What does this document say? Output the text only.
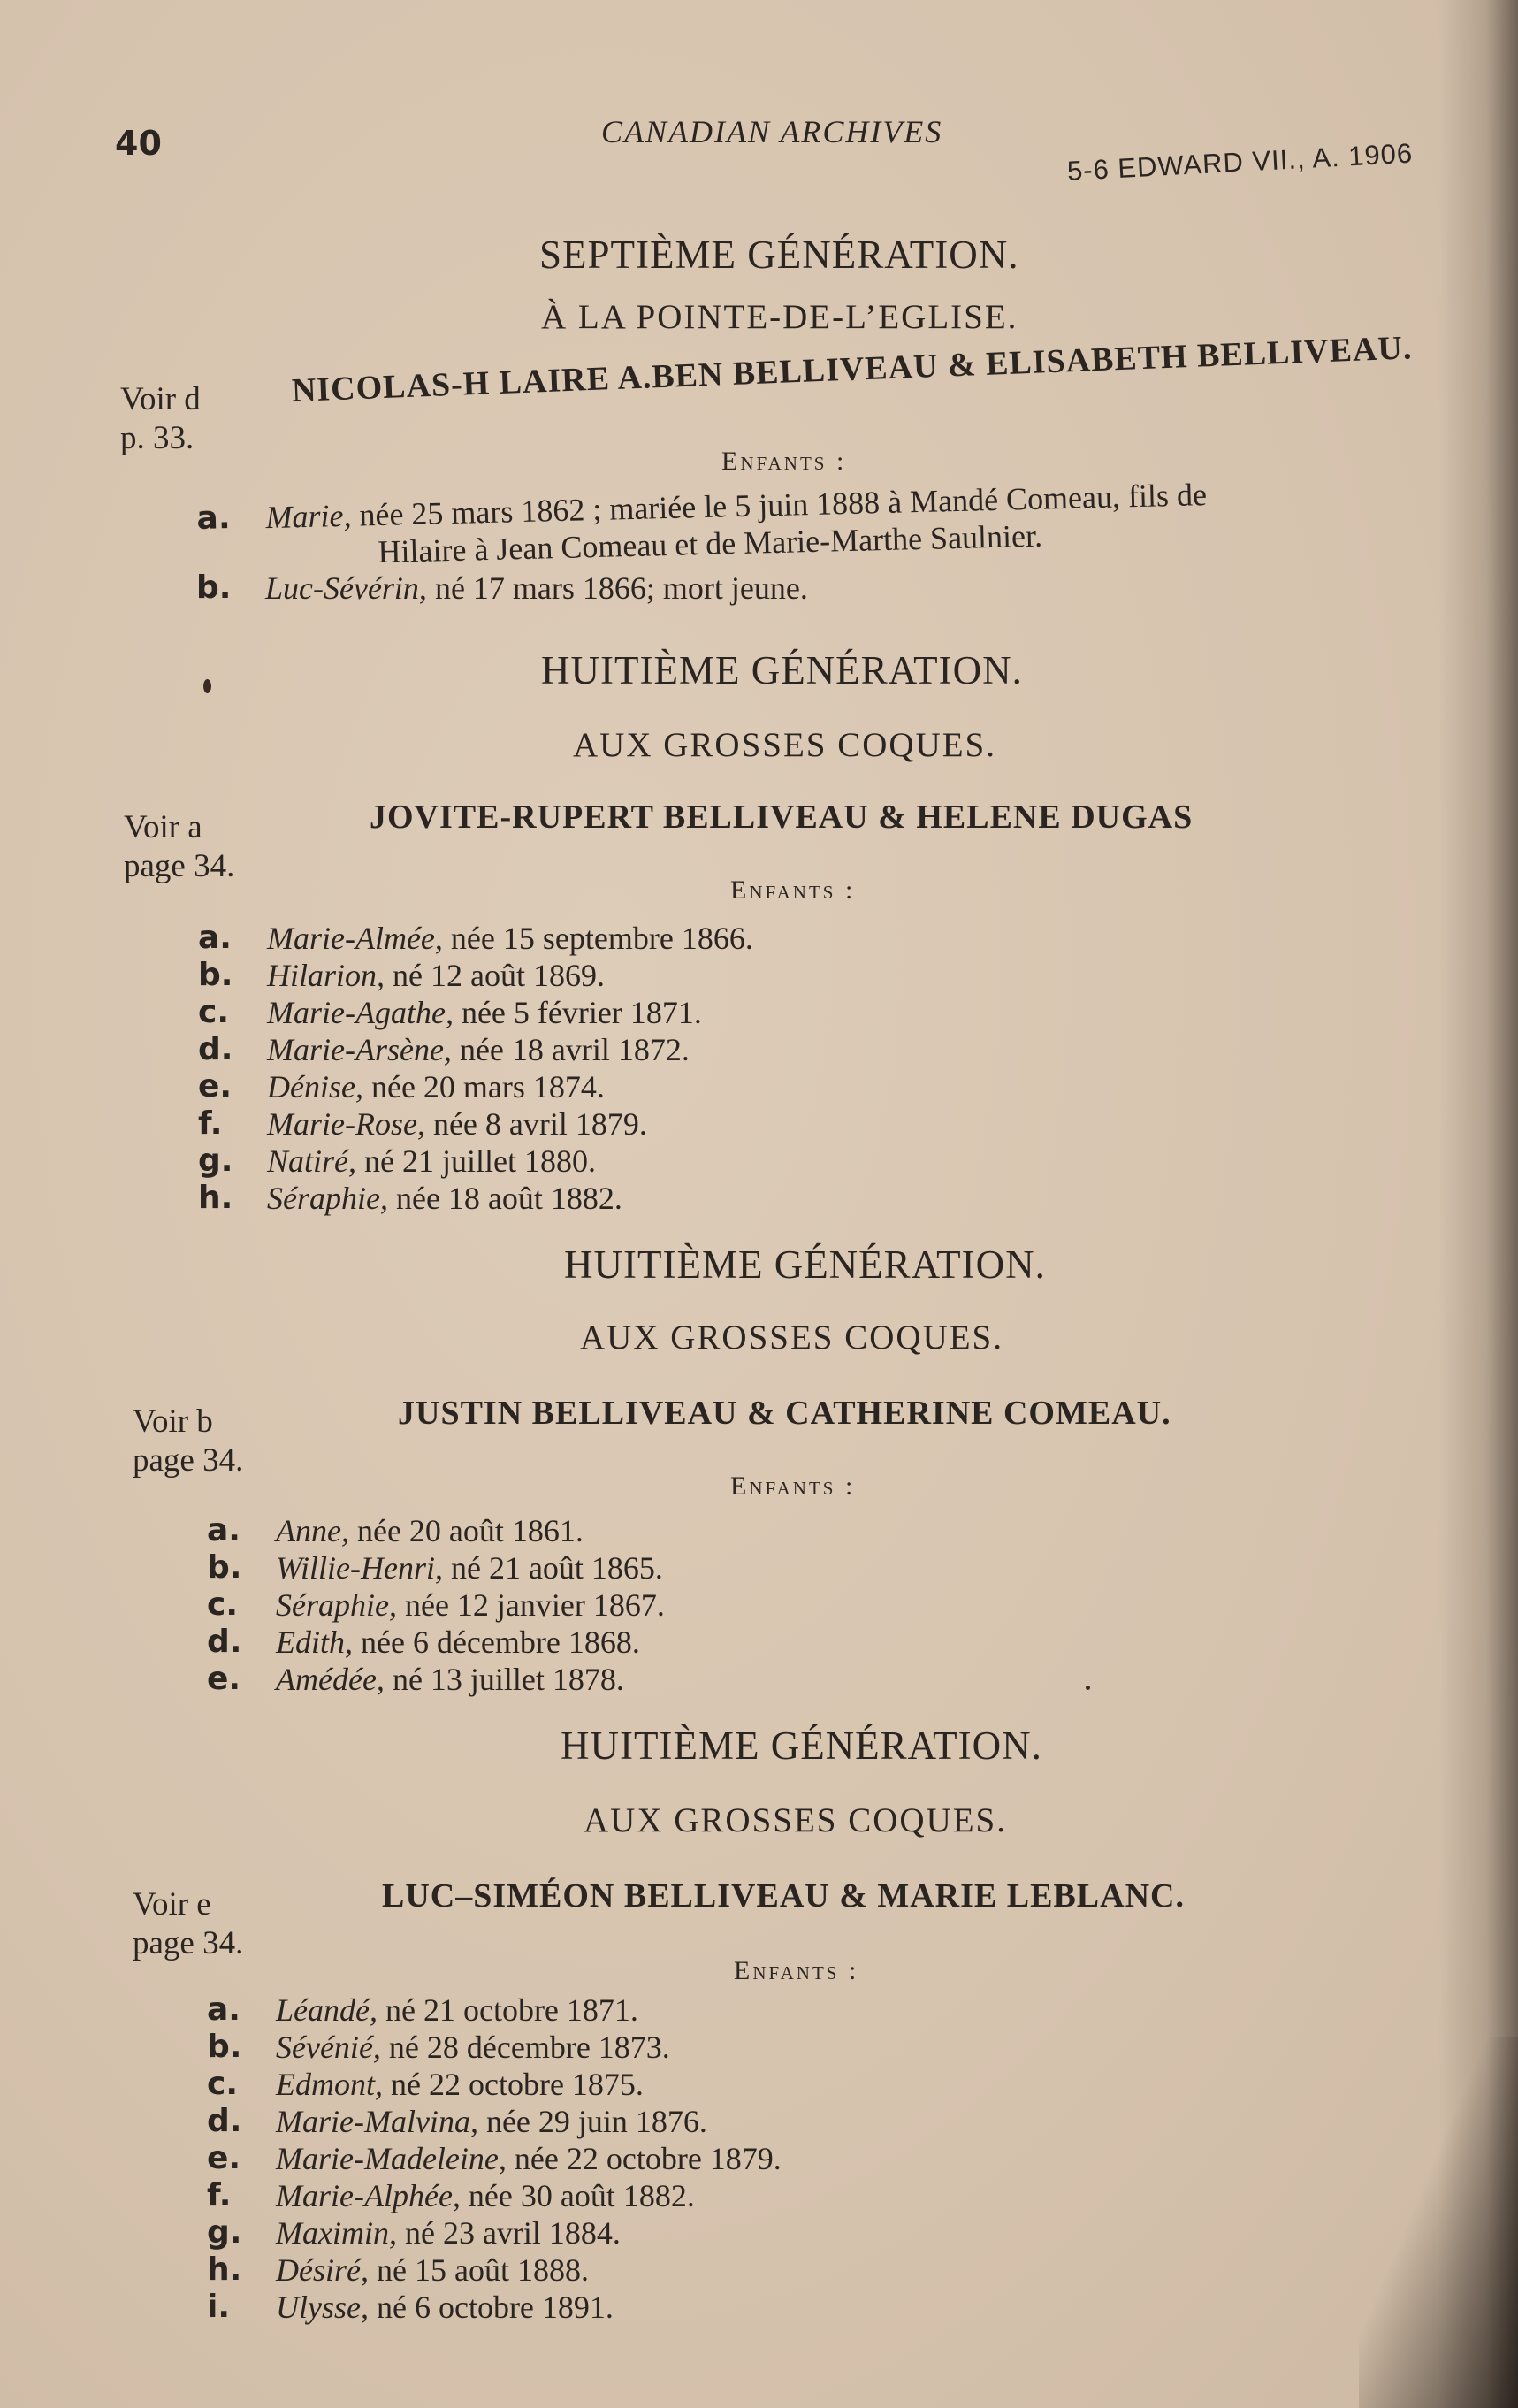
40	CANADIAN ARCHIVES
5-6 EDWARD VII., A. 1906
SEPTIÈME GÉNÉRATION.
À LA POINTE-DE-L’EGLISE.
Voir d
p. 33.
NICOLAS-H LAIRE A.BEN BELLIVEAU & ELISABETH BELLIVEAU.
Enfants :
a. Marie, née 25 mars 1862 ; mariée le 5 juin 1888 à Mandé Comeau, fils de
Hilaire à Jean Comeau et de Marie-Marthe Saulnier.
b. Luc-Sévérin, né 17 mars 1866; mort jeune.
HUITIÈME GÉNÉRATION.
AUX GROSSES COQUES.
Voir a
page 34.
JOVITE-RUPERT BELLIVEAU & HELENE DUGAS
Enfants :
a. Marie-Almée, née 15 septembre 1866.
b. Hilarion, né 12 août 1869.
c. Marie-Agathe, née 5 février 1871.
d. Marie-Arsène, née 18 avril 1872.
e. Dénise, née 20 mars 1874.
f. Marie-Rose, née 8 avril 1879.
g. Natiré, né 21 juillet 1880.
h. Séraphie, née 18 août 1882.
HUITIÈME GÉNÉRATION.
AUX GROSSES COQUES.
Voir b
page 34.
JUSTIN BELLIVEAU & CATHERINE COMEAU.
Enfants :
a. Anne, née 20 août 1861.
b. Willie-Henri, né 21 août 1865.
c. Séraphie, née 12 janvier 1867.
d. Edith, née 6 décembre 1868.
e. Amédée, né 13 juillet 1878.
HUITIÈME GÉNÉRATION.
AUX GROSSES COQUES.
Voir e
page 34.
LUC–SIMÉON BELLIVEAU & MARIE LEBLANC.
Enfants :
a. Léandé, né 21 octobre 1871.
b. Sévénié, né 28 décembre 1873.
c. Edmont, né 22 octobre 1875.
d. Marie-Malvina, née 29 juin 1876.
e. Marie-Madeleine, née 22 octobre 1879.
f. Marie-Alphée, née 30 août 1882.
g. Maximin, né 23 avril 1884.
h. Désiré, né 15 août 1888.
i. Ulysse, né 6 octobre 1891.
